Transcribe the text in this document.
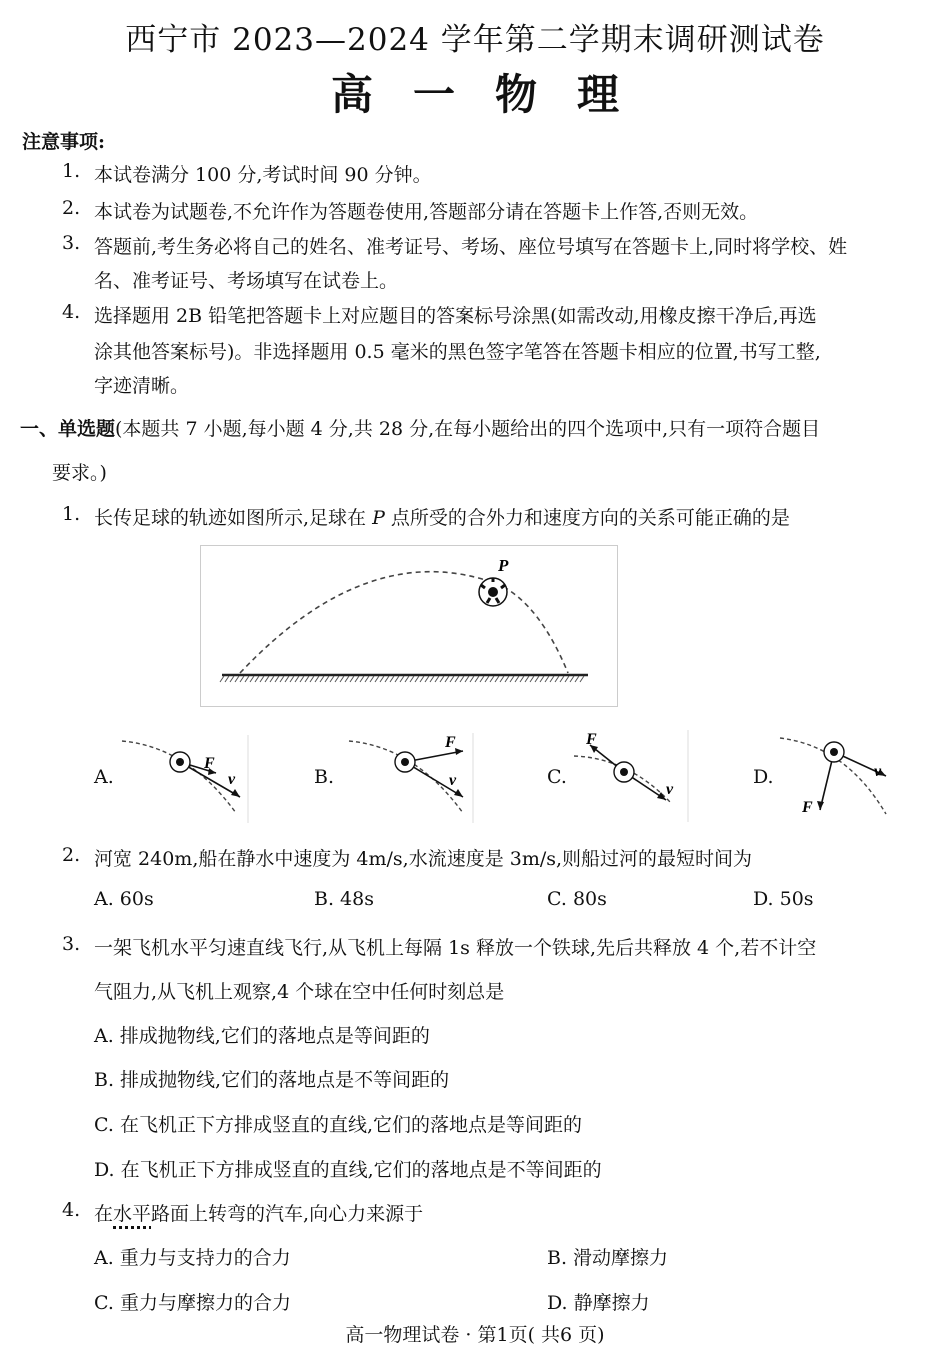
西宁市 2023—2024 学年第二学期末调研测试卷
高一物理
注意事项:
1. 本试卷满分 100 分,考试时间 90 分钟。
2. 本试卷为试题卷,不允许作为答题卷使用,答题部分请在答题卡上作答,否则无效。
3. 答题前,考生务必将自己的姓名、准考证号、考场、座位号填写在答题卡上,同时将学校、姓
名、准考证号、考场填写在试卷上。
4. 选择题用 2B 铅笔把答题卡上对应题目的答案标号涂黑(如需改动,用橡皮擦干净后,再选
涂其他答案标号)。非选择题用 0.5 毫米的黑色签字笔答在答题卡相应的位置,书写工整,
字迹清晰。
一、单选题(本题共 7 小题,每小题 4 分,共 28 分,在每小题给出的四个选项中,只有一项符合题目
要求。)
1. 长传足球的轨迹如图所示,足球在 P 点所受的合外力和速度方向的关系可能正确的是
P
A.
F
v	B.
F
v	C.
F
v
D.
F
v
2. 河宽 240m,船在静水中速度为 4m/s,水流速度是 3m/s,则船过河的最短时间为
A. 60s	B. 48s	C. 80s	D. 50s
3. 一架飞机水平匀速直线飞行,从飞机上每隔 1s 释放一个铁球,先后共释放 4 个,若不计空
气阻力,从飞机上观察,4 个球在空中任何时刻总是
A. 排成抛物线,它们的落地点是等间距的
B. 排成抛物线,它们的落地点是不等间距的
C. 在飞机正下方排成竖直的直线,它们的落地点是等间距的
D. 在飞机正下方排成竖直的直线,它们的落地点是不等间距的
4. 在水平路面上转弯的汽车,向心力来源于
A. 重力与支持力的合力	B. 滑动摩擦力
C. 重力与摩擦力的合力	D. 静摩擦力
高一物理试卷 · 第1页( 共6 页)
